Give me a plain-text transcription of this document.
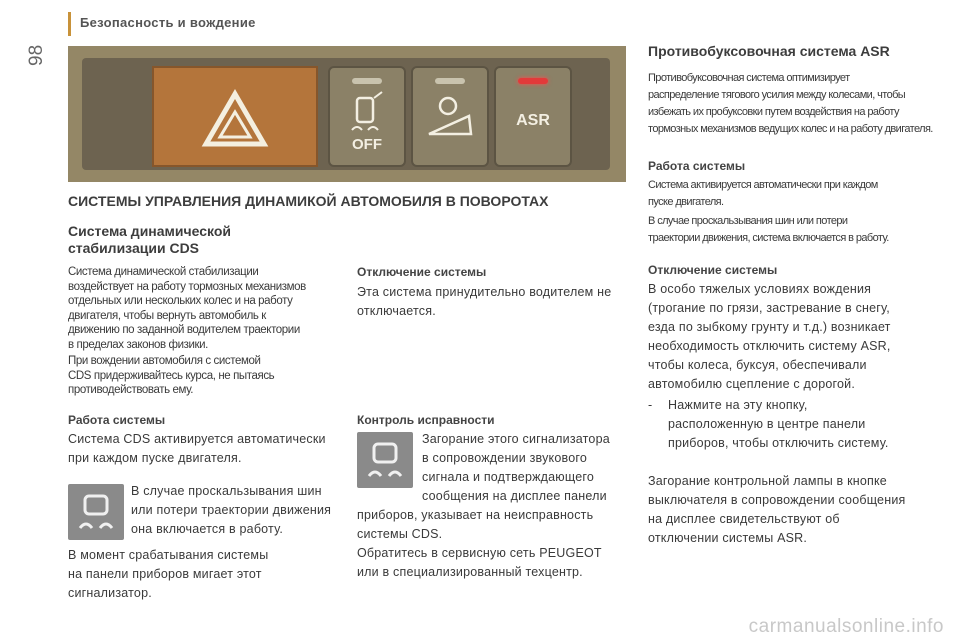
Безопасность и вождение
98
OFF
ASR
СИСТЕМЫ УПРАВЛЕНИЯ ДИНАМИКОЙ АВТОМОБИЛЯ В ПОВОРОТАХ
Система динамической стабилизации CDS
Система динамической стабилизации
воздействует на работу тормозных механизмов
отдельных или нескольких колес и на работу
двигателя, чтобы вернуть автомобиль к
движению по заданной водителем траектории
в пределах законов физики.
При вождении автомобиля с системой
CDS придерживайтесь курса, не пытаясь
противодействовать ему.
Работа системы
Система CDS активируется автоматически
при каждом пуске двигателя.
В случае проскальзывания шин
или потери траектории движения
она включается в работу.
В момент срабатывания системы
на панели приборов мигает этот
сигнализатор.
Отключение системы
Эта система принудительно водителем не
отключается.
Контроль исправности
Загорание этого сигнализатора
в сопровождении звукового
сигнала и подтверждающего
сообщения на дисплее панели
приборов, указывает на неисправность
системы CDS.
Обратитесь в сервисную сеть PEUGEOT
или в специализированный техцентр.
Противобуксовочная система ASR
Противобуксовочная система оптимизирует
распределение тягового усилия между колесами, чтобы
избежать их пробуксовки путем воздействия на работу
тормозных механизмов ведущих колес и на работу двигателя.
Работа системы
Система активируется автоматически при каждом
пуске двигателя.
В случае проскальзывания шин или потери
траектории движения, система включается в работу.
Отключение системы
В особо тяжелых условиях вождения
(трогание по грязи, застревание в снегу,
езда по зыбкому грунту и т.д.) возникает
необходимость отключить систему ASR,
чтобы колеса, буксуя, обеспечивали
автомобилю сцепление с дорогой.
- Нажмите на эту кнопку,
расположенную в центре панели
приборов, чтобы отключить систему.
Загорание контрольной лампы в кнопке
выключателя в сопровождении сообщения
на дисплее свидетельствуют об
отключении системы ASR.
carmanualsonline.info
